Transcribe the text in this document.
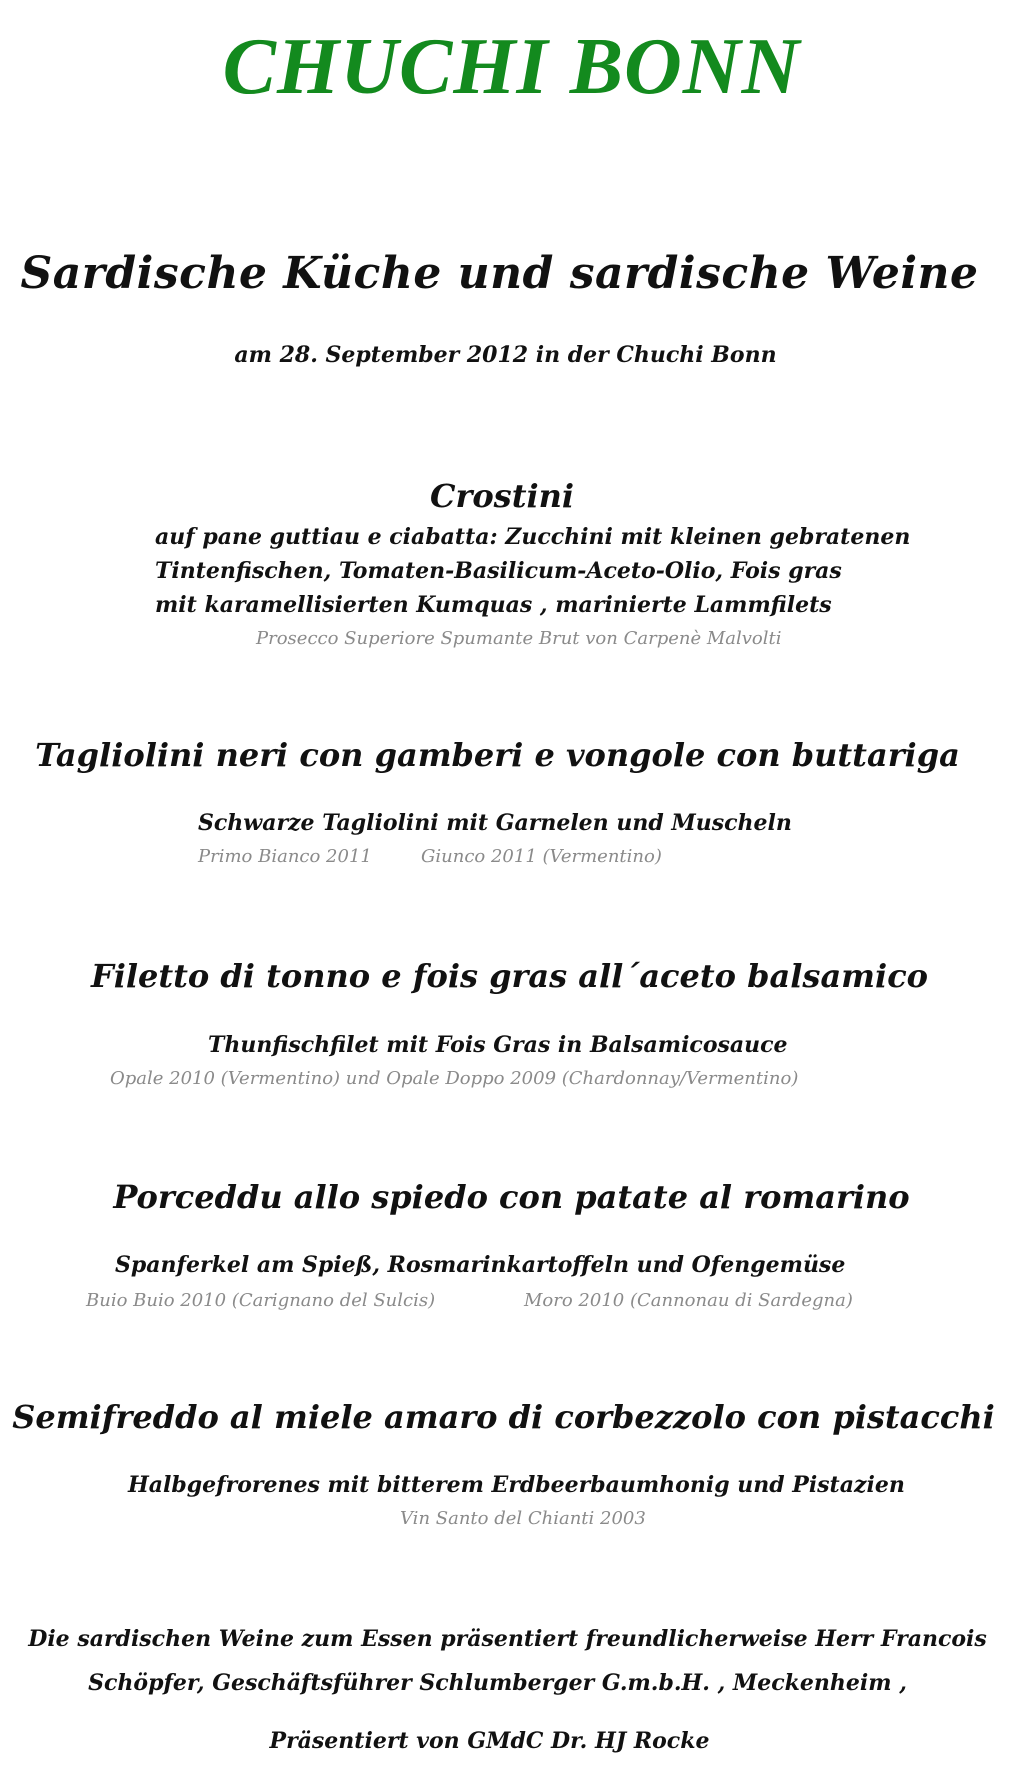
CHUCHI BONN
Sardische Küche und sardische Weine
am 28. September 2012 in der Chuchi Bonn
Crostini
auf pane guttiau e ciabatta: Zucchini mit kleinen gebratenen
Tintenfischen, Tomaten-Basilicum-Aceto-Olio, Fois gras
mit karamellisierten Kumquas , marinierte Lammfilets
Prosecco Superiore Spumante Brut von Carpenè Malvolti
Tagliolini neri con gamberi e vongole con buttariga
Schwarze Tagliolini mit Garnelen und Muscheln
Primo Bianco 2011	Giunco 2011 (Vermentino)
Filetto di tonno e fois gras all´aceto balsamico
Thunfischfilet mit Fois Gras in Balsamicosauce
Opale 2010 (Vermentino) und Opale Doppo 2009 (Chardonnay/Vermentino)
Porceddu allo spiedo con patate al romarino
Spanferkel am Spieß, Rosmarinkartoffeln und Ofengemüse
Buio Buio 2010 (Carignano del Sulcis)	Moro 2010 (Cannonau di Sardegna)
Semifreddo al miele amaro di corbezzolo con pistacchi
Halbgefrorenes mit bitterem Erdbeerbaumhonig und Pistazien
Vin Santo del Chianti 2003
Die sardischen Weine zum Essen präsentiert freundlicherweise Herr Francois
Schöpfer, Geschäftsführer Schlumberger G.m.b.H. , Meckenheim ,
Präsentiert von GMdC Dr. HJ Rocke
